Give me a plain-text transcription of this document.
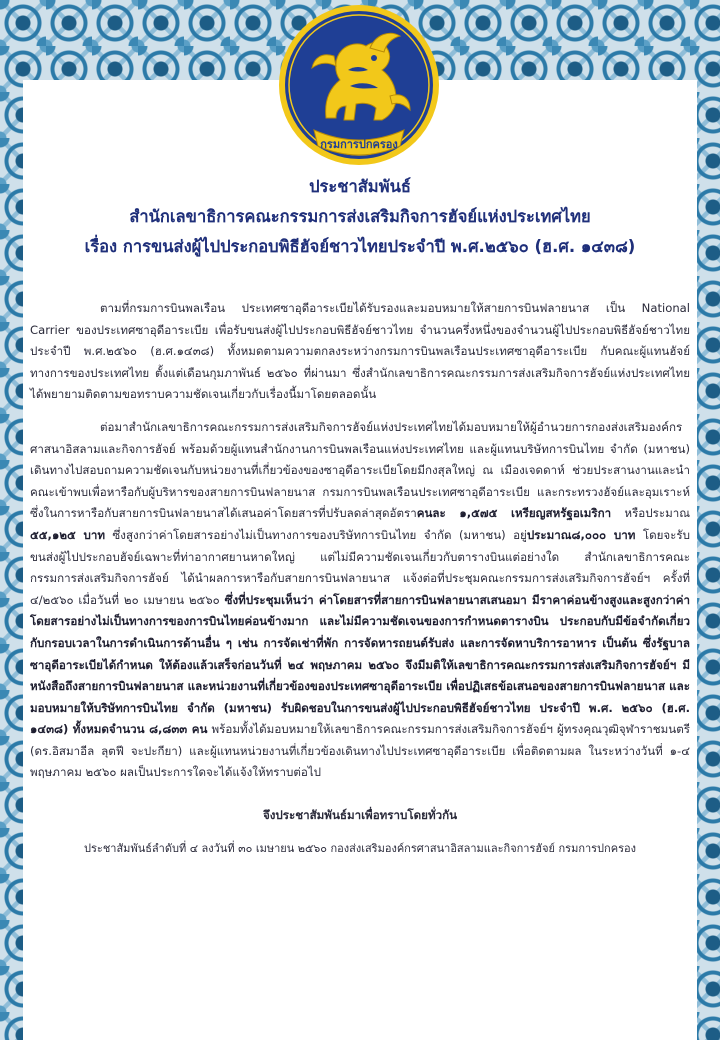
กรมการปกครอง

ประชาสัมพันธ์

สำนักเลขาธิการคณะกรรมการส่งเสริมกิจการฮัจย์แห่งประเทศไทย

เรื่อง การขนส่งผู้ไปประกอบพิธีฮัจย์ชาวไทยประจำปี พ.ศ.๒๕๖๐ (ฮ.ศ. ๑๔๓๘)

ตามที่กรมการบินพลเรือน ประเทศซาอุดีอาระเบียได้รับรองและมอบหมายให้สายการบินฟลายนาส เป็น National Carrier ของประเทศซาอุดีอาระเบีย เพื่อรับขนส่งผู้ไปประกอบพิธีฮัจย์ชาวไทย จำนวนครึ่งหนึ่งของจำนวนผู้ไปประกอบพิธีฮัจย์ชาวไทยประจำปี พ.ศ.๒๕๖๐ (ฮ.ศ.๑๔๓๘) ทั้งหมดตามความตกลงระหว่างกรมการบินพลเรือนประเทศซาอุดีอาระเบีย กับคณะผู้แทนฮัจย์ทางการของประเทศไทย ตั้งแต่เดือนกุมภาพันธ์ ๒๕๖๐ ที่ผ่านมา ซึ่งสำนักเลขาธิการคณะกรรมการส่งเสริมกิจการฮัจย์แห่งประเทศไทยได้พยายามติดตามขอทราบความชัดเจนเกี่ยวกับเรื่องนี้มาโดยตลอดนั้น

ต่อมาสำนักเลขาธิการคณะกรรมการส่งเสริมกิจการฮัจย์แห่งประเทศไทยได้มอบหมายให้ผู้อำนวยการกองส่งเสริมองค์กรศาสนาอิสลามและกิจการฮัจย์ พร้อมด้วยผู้แทนสำนักงานการบินพลเรือนแห่งประเทศไทย และผู้แทนบริษัทการบินไทย จำกัด (มหาชน) เดินทางไปสอบถามความชัดเจนกับหน่วยงานที่เกี่ยวข้องของซาอุดีอาระเบียโดยมีกงสุลใหญ่ ณ เมืองเจดดาห์ ช่วยประสานงานและนำคณะเข้าพบเพื่อหารือกับผู้บริหารของสายการบินฟลายนาส กรมการบินพลเรือนประเทศซาอุดีอาระเบีย และกระทรวงฮัจย์และอุมเราะห์ ซึ่งในการหารือกับสายการบินฟลายนาสได้เสนอค่าโดยสารที่ปรับลดล่าสุดอัตราคนละ ๑,๕๗๕ เหรียญสหรัฐอเมริกา หรือประมาณ ๕๕,๑๒๕ บาท ซึ่งสูงกว่าค่าโดยสารอย่างไม่เป็นทางการของบริษัทการบินไทย จำกัด (มหาชน) อยู่ประมาณ๘,๐๐๐ บาท โดยจะรับขนส่งผู้ไปประกอบฮัจย์เฉพาะที่ท่าอากาศยานหาดใหญ่ แต่ไม่มีความชัดเจนเกี่ยวกับตารางบินแต่อย่างใด สำนักเลขาธิการคณะกรรมการส่งเสริมกิจการฮัจย์ ได้นำผลการหารือกับสายการบินฟลายนาส แจ้งต่อที่ประชุมคณะกรรมการส่งเสริมกิจการฮัจย์ฯ ครั้งที่ ๔/๒๕๖๐ เมื่อวันที่ ๒๐ เมษายน ๒๕๖๐ ซึ่งที่ประชุมเห็นว่า ค่าโดยสารที่สายการบินฟลายนาสเสนอมา มีราคาค่อนข้างสูงและสูงกว่าค่าโดยสารอย่างไม่เป็นทางการของการบินไทยค่อนข้างมาก และไม่มีความชัดเจนของการกำหนดตารางบิน ประกอบกับมีข้อจำกัดเกี่ยวกับกรอบเวลาในการดำเนินการด้านอื่น ๆ เช่น การจัดเช่าที่พัก การจัดหารถยนต์รับส่ง และการจัดหาบริการอาหาร เป็นต้น ซึ่งรัฐบาลซาอุดีอาระเบียได้กำหนด ให้ต้องแล้วเสร็จก่อนวันที่ ๒๔ พฤษภาคม ๒๕๖๐ จึงมีมติให้เลขาธิการคณะกรรมการส่งเสริมกิจการฮัจย์ฯ มีหนังสือถึงสายการบินฟลายนาส และหน่วยงานที่เกี่ยวข้องของประเทศซาอุดีอาระเบีย เพื่อปฏิเสธข้อเสนอของสายการบินฟลายนาส และมอบหมายให้บริษัทการบินไทย จำกัด (มหาชน) รับผิดชอบในการขนส่งผู้ไปประกอบพิธีฮัจย์ชาวไทย ประจำปี พ.ศ. ๒๕๖๐ (ฮ.ศ. ๑๔๓๘) ทั้งหมดจำนวน ๘,๘๓๓ คน พร้อมทั้งได้มอบหมายให้เลขาธิการคณะกรรมการส่งเสริมกิจการฮัจย์ฯ ผู้ทรงคุณวุฒิจุฬาราชมนตรี (ดร.อิสมาอีล ลุตฟี จะปะกียา) และผู้แทนหน่วยงานที่เกี่ยวข้องเดินทางไปประเทศซาอุดีอาระเบีย เพื่อติดตามผล ในระหว่างวันที่ ๑-๔ พฤษภาคม ๒๕๖๐ ผลเป็นประการใดจะได้แจ้งให้ทราบต่อไป

จึงประชาสัมพันธ์มาเพื่อทราบโดยทั่วกัน

ประชาสัมพันธ์ลำดับที่ ๔ ลงวันที่ ๓๐ เมษายน ๒๕๖๐ กองส่งเสริมองค์กรศาสนาอิสลามและกิจการฮัจย์ กรมการปกครอง
